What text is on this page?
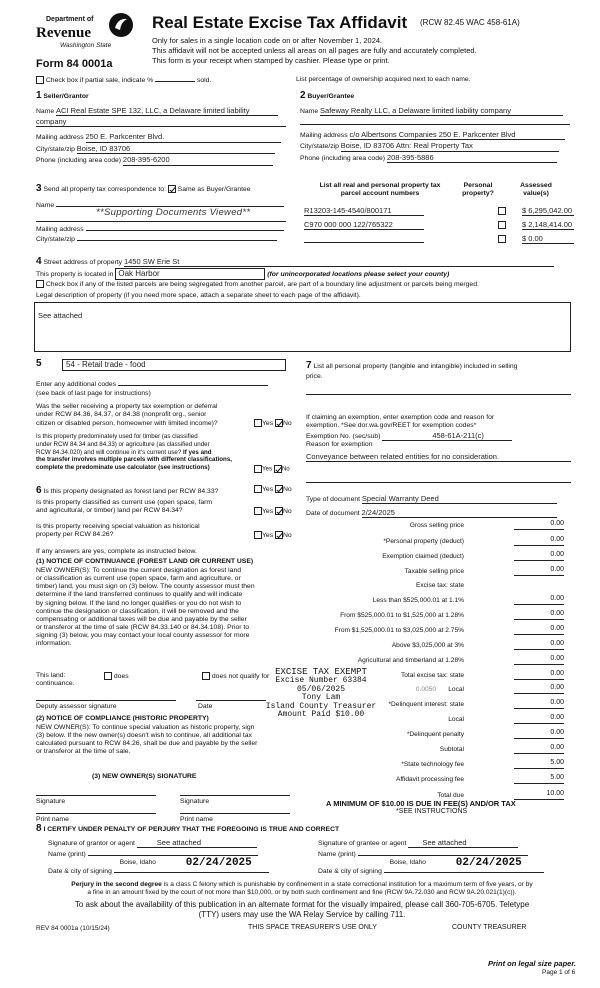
Department of
Revenue
Washington State
Form 84 0001a
Real Estate Excise Tax Affidavit (RCW 82.45 WAC 458-61A)
Only for sales in a single location code on or after November 1, 2024.
This affidavit will not be accepted unless all areas on all pages are fully and accurately completed.
This form is your receipt when stamped by cashier. Please type or print.
Check box if partial sale, indicate %	sold.	List percentage of ownership acquired next to each name.
1 Seller/Grantor
Name ACI Real Estate SPE 132, LLC, a Delaware limited liability
company
Mailing address 250 E. Parkcenter Blvd.
City/state/zip Boise, ID 83706
Phone (including area code) 208-395-6200
2 Buyer/Grantee
Name Safeway Realty LLC, a Delaware limited liability company
Mailing address c/o Albertsons Companies 250 E. Parkcenter Blvd
City/state/zip Boise, ID 83706 Attn: Real Property Tax
Phone (including area code) 208-395-5886
3 Send all property tax correspondence to: Same as Buyer/Grantee
Name
**Supporting Documents Viewed**
Mailing address
City/state/zip
List all real and personal property tax
parcel account numbers
Personal
property?
Assessed
value(s)
R13203-145-4540/800171	$ 6,295,042.00
C970 000 000 122/765322	$ 2,148,414.00
$ 0.00
4 Street address of property 1450 SW Erie St
This property is located in Oak Harbor	(for unincorporated locations please select your county)
Check box if any of the listed parcels are being segregated from another parcel, are part of a boundary line adjustment or parcels being merged.
Legal description of property (if you need more space, attach a separate sheet to each page of the affidavit).
See attached
5	54 - Retail trade - food
Enter any additional codes
(see back of last page for instructions)
Was the seller receiving a property tax exemption or deferral
under RCW 84.36, 84.37, or 84.38 (nonprofit org., senior
citizen or disabled person, homeowner with limited income)?	Yes No
Is this property predominately used for timber (as classified
under RCW 84.34 and 84.33) or agriculture (as classified under
RCW 84.34.020) and will continue in it's current use? If yes and
the transfer involves multiple parcels with different classifications,
complete the predominate use calculator (see instructions)	Yes No
6 Is this property designated as forest land per RCW 84.33?	Yes No
Is this property classified as current use (open space, farm
and agricultural, or timber) land per RCW 84.34?	Yes No
Is this property receiving special valuation as historical
property per RCW 84.26?	Yes No
If any answers are yes, complete as instructed below.
(1) NOTICE OF CONTINUANCE (FOREST LAND OR CURRENT USE)
NEW OWNER(S): To continue the current designation as forest land
or classification as current use (open space, farm and agriculture, or
timber) land, you must sign on (3) below. The county assessor must then
determine if the land transferred continues to qualify and will indicate
by signing below. If the land no longer qualifies or you do not wish to
continue the designation or classification, it will be removed and the
compensating or additional taxes will be due and payable by the seller
or transferor at the time of sale (RCW 84.33.140 or 84.34.108). Prior to
signing (3) below, you may contact your local county assessor for more
information.
This land:	does	does not qualify for
continuance.
Deputy assessor signature	Date
(2) NOTICE OF COMPLIANCE (HISTORIC PROPERTY)
NEW OWNER(S): To continue special valuation as historic property, sign
(3) below. If the new owner(s) doesn't wish to continue, all additional tax
calculated pursuant to RCW 84.26, shall be due and payable by the seller
or transferor at the time of sale.
(3) NEW OWNER(S) SIGNATURE
Signature	Signature
Print name	Print name
7 List all personal property (tangible and intangible) included in selling
price.
If claiming an exemption, enter exemption code and reason for
exemption. *See dor.wa.gov/REET for exemption codes*
Exemption No. (sec/sub)	458-61A-211(c)
Reason for exemption
Conveyance between related entities for no consideration.
Type of document Special Warranty Deed
Date of document 2/24/2025
Gross selling price	0.00
*Personal property (deduct)	0.00
Exemption claimed (deduct)	0.00
Taxable selling price	0.00
Excise tax: state
Less than $525,000.01 at 1.1%	0.00
From $525,000.01 to $1,525,000 at 1.28%	0.00
From $1,525,000.01 to $3,025,000 at 2.75%	0.00
Above $3,025,000 at 3%	0.00
Agricultural and timberland at 1.28%	0.00
Total excise tax: state	0.00
0.0050 Local	0.00
*Delinquent interest: state	0.00
Local	0.00
*Delinquent penalty	0.00
Subtotal	0.00
*State technology fee	5.00
Affidavit processing fee	5.00
Total due	10.00
A MINIMUM OF $10.00 IS DUE IN FEE(S) AND/OR TAX
*SEE INSTRUCTIONS
EXCISE TAX EXEMPT
Excise Number 63384
05/06/2025
Tony Lam
Island County Treasurer
Amount Paid $10.00
8 I CERTIFY UNDER PENALTY OF PERJURY THAT THE FOREGOING IS TRUE AND CORRECT
Signature of grantor or agent	See attached
Name (print)
Date & city of signing
Boise, Idaho	02/24/2025
Signature of grantee or agent See attached
Name (print)
Date & city of signing
Boise, Idaho	02/24/2025
Perjury in the second degree is a class C felony which is punishable by confinement in a state correctional institution for a maximum term of five years, or by
a fine in an amount fixed by the court of not more than $10,000, or by both such confinement and fine (RCW 9A.72.030 and RCW 9A.20.021(1)(c)).
To ask about the availability of this publication in an alternate format for the visually impaired, please call 360-705-6705. Teletype
(TTY) users may use the WA Relay Service by calling 711.
REV 84 0001a (10/15/24)	THIS SPACE TREASURER'S USE ONLY	COUNTY TREASURER
Print on legal size paper.
Page 1 of 6
